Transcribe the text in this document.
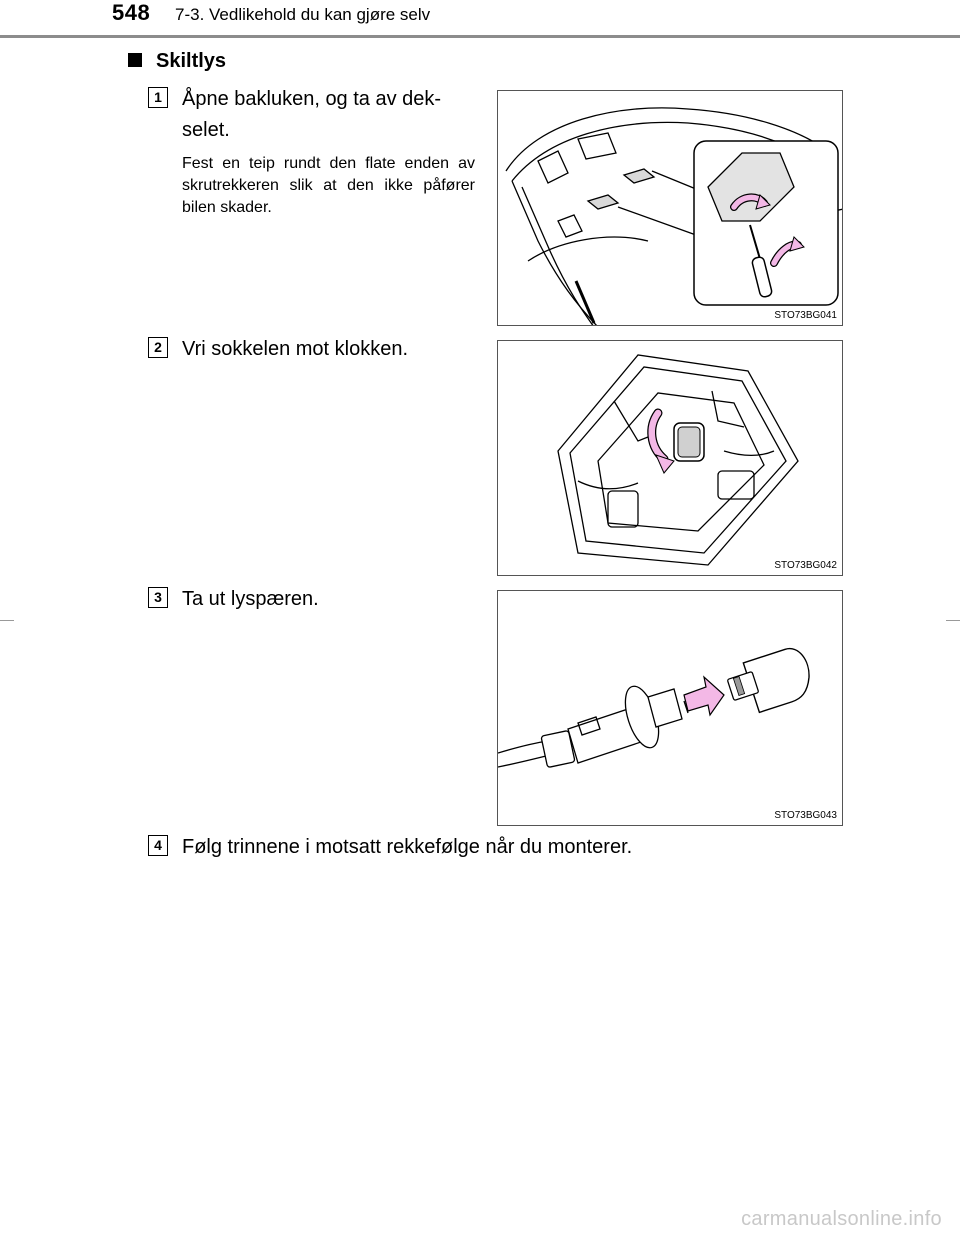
548 7-3. Vedlikehold du kan gjøre selv
Skiltlys
1	Åpne bakluken, og ta av dek-
selet.
Fest en teip rundt den flate enden av skrutrekkeren slik at den ikke påfører bilen skader.
STO73BG041
2	Vri sokkelen mot klokken.
STO73BG042
3	Ta ut lyspæren.
STO73BG043
4	Følg trinnene i motsatt rekkefølge når du monterer.
carmanualsonline.info
